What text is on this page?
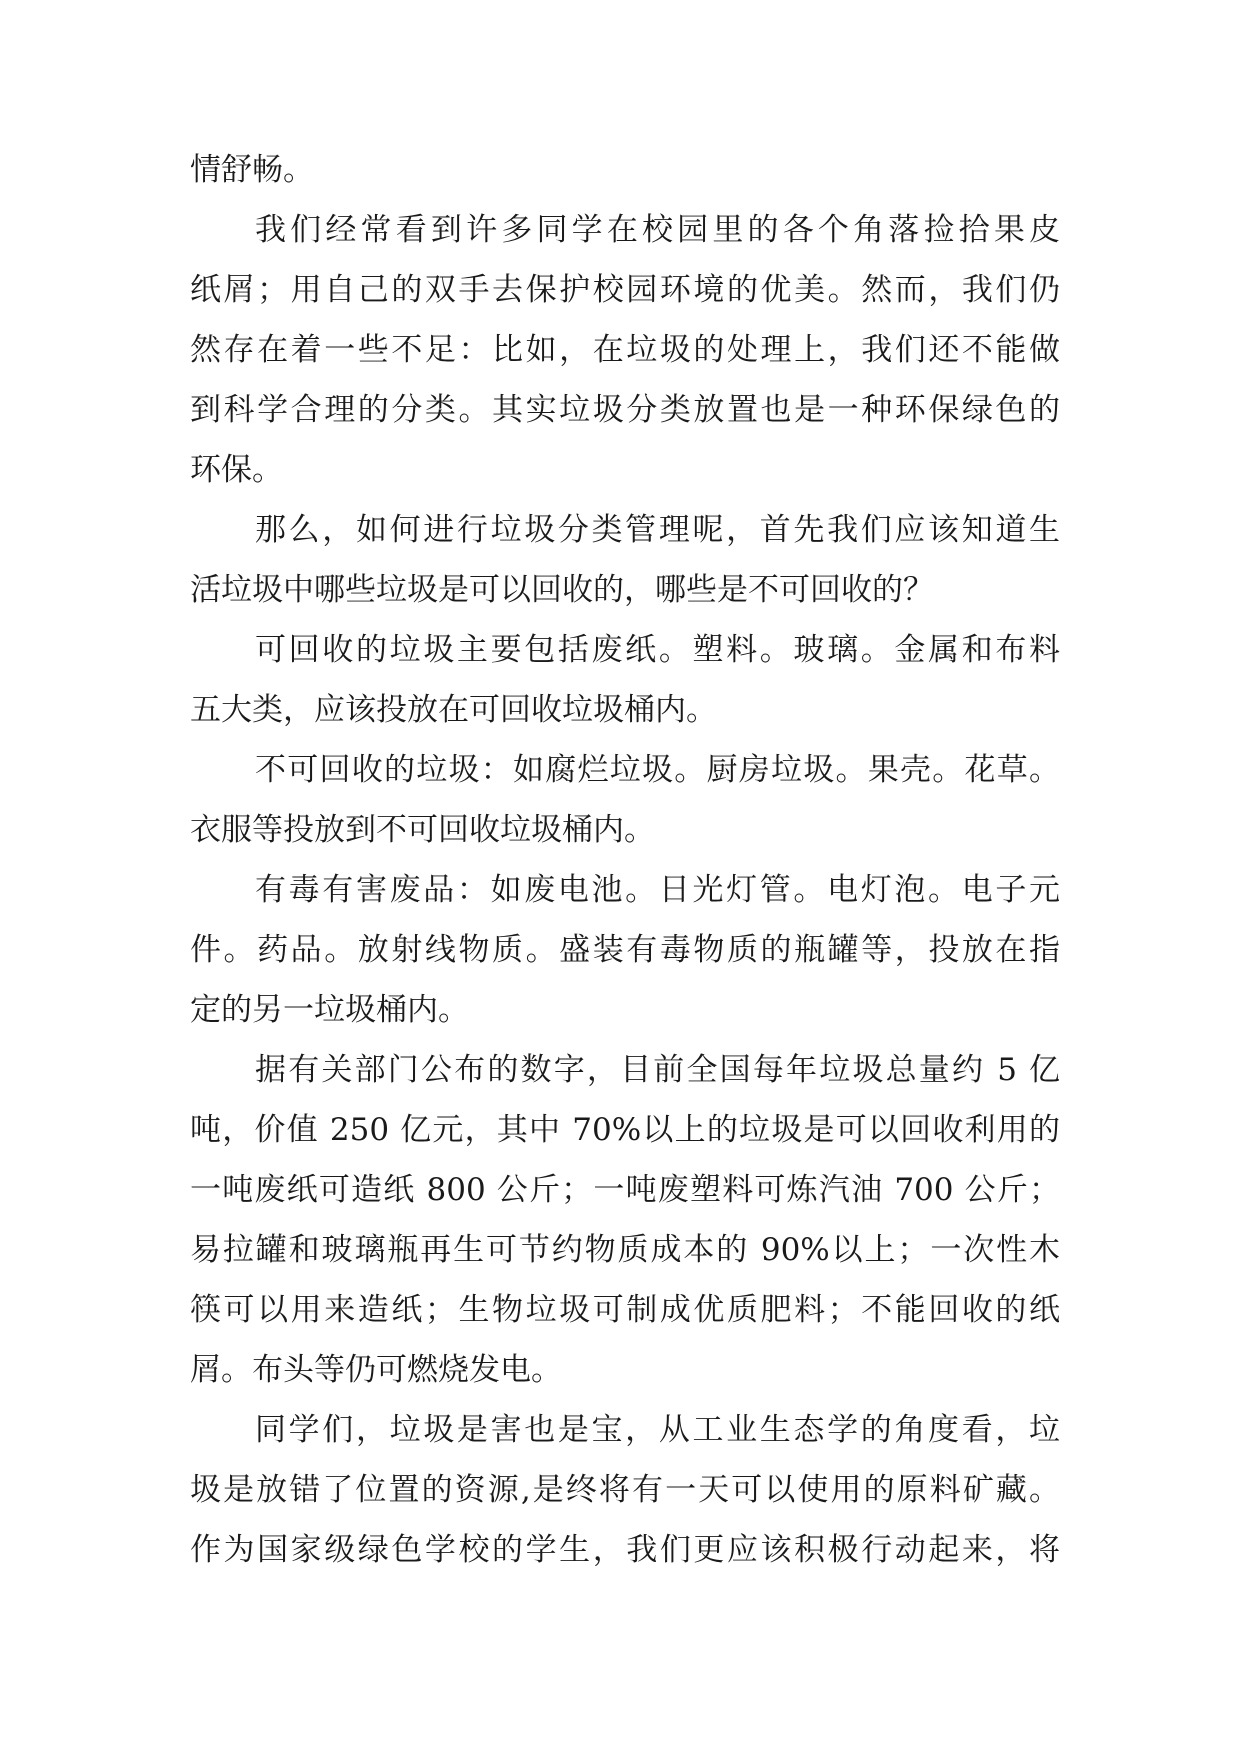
情舒畅。

我们经常看到许多同学在校园里的各个角落捡拾果皮

纸屑；用自己的双手去保护校园环境的优美。然而，我们仍

然存在着一些不足：比如，在垃圾的处理上，我们还不能做

到科学合理的分类。其实垃圾分类放置也是一种环保绿色的

环保。

那么，如何进行垃圾分类管理呢，首先我们应该知道生

活垃圾中哪些垃圾是可以回收的，哪些是不可回收的？

可回收的垃圾主要包括废纸。塑料。玻璃。金属和布料

五大类，应该投放在可回收垃圾桶内。

不可回收的垃圾：如腐烂垃圾。厨房垃圾。果壳。花草。

衣服等投放到不可回收垃圾桶内。

有毒有害废品：如废电池。日光灯管。电灯泡。电子元

件。药品。放射线物质。盛装有毒物质的瓶罐等，投放在指

定的另一垃圾桶内。

据有关部门公布的数字，目前全国每年垃圾总量约 5 亿

吨，价值 250 亿元，其中 70%以上的垃圾是可以回收利用的

一吨废纸可造纸 800 公斤；一吨废塑料可炼汽油 700 公斤；

易拉罐和玻璃瓶再生可节约物质成本的 90%以上；一次性木

筷可以用来造纸；生物垃圾可制成优质肥料；不能回收的纸

屑。布头等仍可燃烧发电。

同学们，垃圾是害也是宝，从工业生态学的角度看，垃

圾是放错了位置的资源,是终将有一天可以使用的原料矿藏。

作为国家级绿色学校的学生，我们更应该积极行动起来，将
